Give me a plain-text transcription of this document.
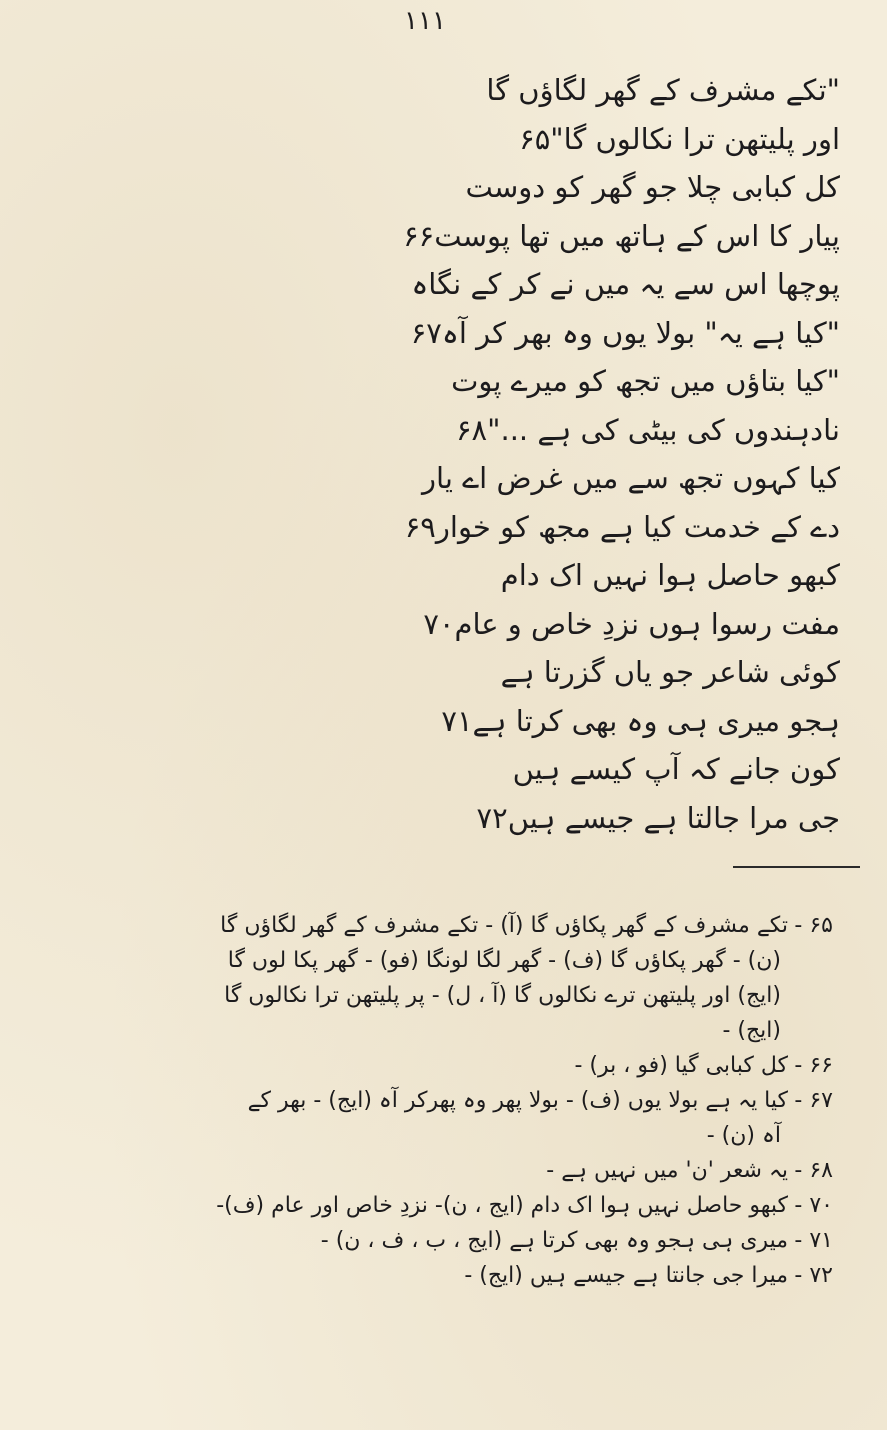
۱۱۱
"تکے مشرف کے گھر لگاؤں گا
اور پلیتھن ترا نکالوں گا"۶۵
کل کبابی چلا جو گھر کو دوست
پیار کا اس کے ہاتھ میں تھا پوست۶۶
پوچھا اس سے یہ میں نے کر کے نگاہ
"کیا ہے یہ" بولا یوں وہ بھر کر آہ۶۷
"کیا بتاؤں میں تجھ کو میرے پوت
نادہندوں کی بیٹی کی ہے ..."۶۸
کیا کہوں تجھ سے میں غرض اے یار
دے کے خدمت کیا ہے مجھ کو خوار۶۹
کبھو حاصل ہوا نہیں اک دام
مفت رسوا ہوں نزدِ خاص و عام۷۰
کوئی شاعر جو یاں گزرتا ہے
ہجو میری ہی وہ بھی کرتا ہے۷۱
کون جانے کہ آپ کیسے ہیں
جی مرا جالتا ہے جیسے ہیں۷۲
۶۵ - تکے مشرف کے گھر پکاؤں گا (آ) - تکے مشرف کے گھر لگاؤں گا
(ن) - گھر پکاؤں گا (ف) - گھر لگا لونگا (فو) - گھر پکا لوں گا
(ایج) اور پلیتھن ترے نکالوں گا (آ ، ل) - پر پلیتھن ترا نکالوں گا
(ایج) -
۶۶ - کل کبابی گیا (فو ، بر) -
۶۷ - کیا یہ ہے بولا یوں (ف) - بولا پھر وہ پھرکر آہ (ایج) - بھر کے
آہ (ن) -
۶۸ - یہ شعر 'ن' میں نہیں ہے -
۷۰ - کبھو حاصل نہیں ہوا اک دام (ایج ، ن)- نزدِ خاص اور عام (ف)-
۷۱ - میری ہی ہجو وہ بھی کرتا ہے (ایج ، ب ، ف ، ن) -
۷۲ - میرا جی جانتا ہے جیسے ہیں (ایج) -
